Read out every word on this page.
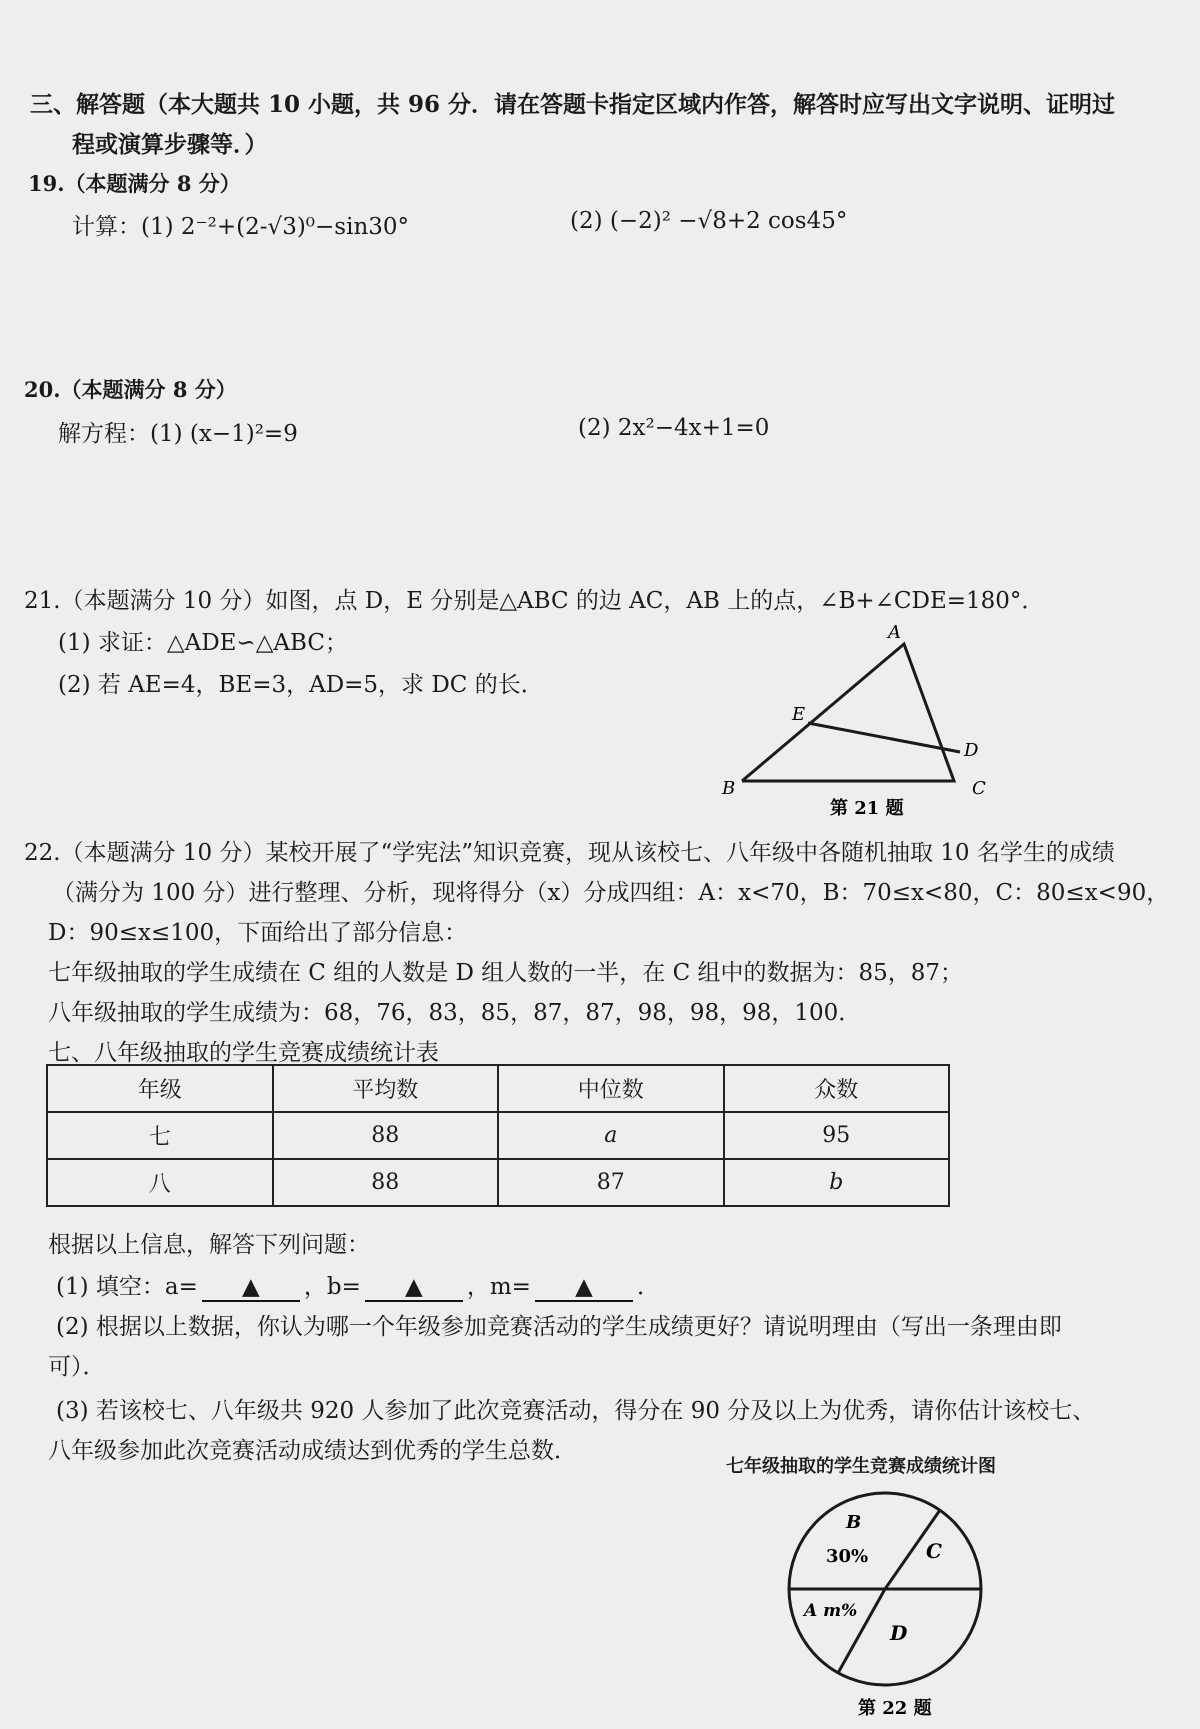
三、解答题（本大题共 10 小题，共 96 分．请在答题卡指定区域内作答，解答时应写出文字说明、证明过
程或演算步骤等．）
19.（本题满分 8 分）
计算：(1) 2⁻²+(2-√3)⁰−sin30°	(2) (−2)² −√8+2 cos45°
20.（本题满分 8 分）
解方程：(1) (x−1)²=9	(2) 2x²−4x+1=0
21.（本题满分 10 分）如图，点 D，E 分别是△ABC 的边 AC，AB 上的点，∠B+∠CDE=180°．
(1) 求证：△ADE∽△ABC；
(2) 若 AE=4，BE=3，AD=5，求 DC 的长．
A
E
D
B	C
第 21 题
22.（本题满分 10 分）某校开展了“学宪法”知识竞赛，现从该校七、八年级中各随机抽取 10 名学生的成绩
（满分为 100 分）进行整理、分析，现将得分（x）分成四组：A：x<70，B：70≤x<80，C：80≤x<90，
D：90≤x≤100，下面给出了部分信息：
七年级抽取的学生成绩在 C 组的人数是 D 组人数的一半，在 C 组中的数据为：85，87；
八年级抽取的学生成绩为：68，76，83，85，87，87，98，98，98，100．
七、八年级抽取的学生竞赛成绩统计表
年级	平均数	中位数	众数
七	88	a	95
八	88	87	b
根据以上信息，解答下列问题：
(1) 填空：a= ▲ ，b= ▲ ，m= ▲ ．
(2) 根据以上数据，你认为哪一个年级参加竞赛活动的学生成绩更好？请说明理由（写出一条理由即
可）．
(3) 若该校七、八年级共 920 人参加了此次竞赛活动，得分在 90 分及以上为优秀，请你估计该校七、
八年级参加此次竞赛活动成绩达到优秀的学生总数．
七年级抽取的学生竞赛成绩统计图
B
30%	C
A m%
D
第 22 题
